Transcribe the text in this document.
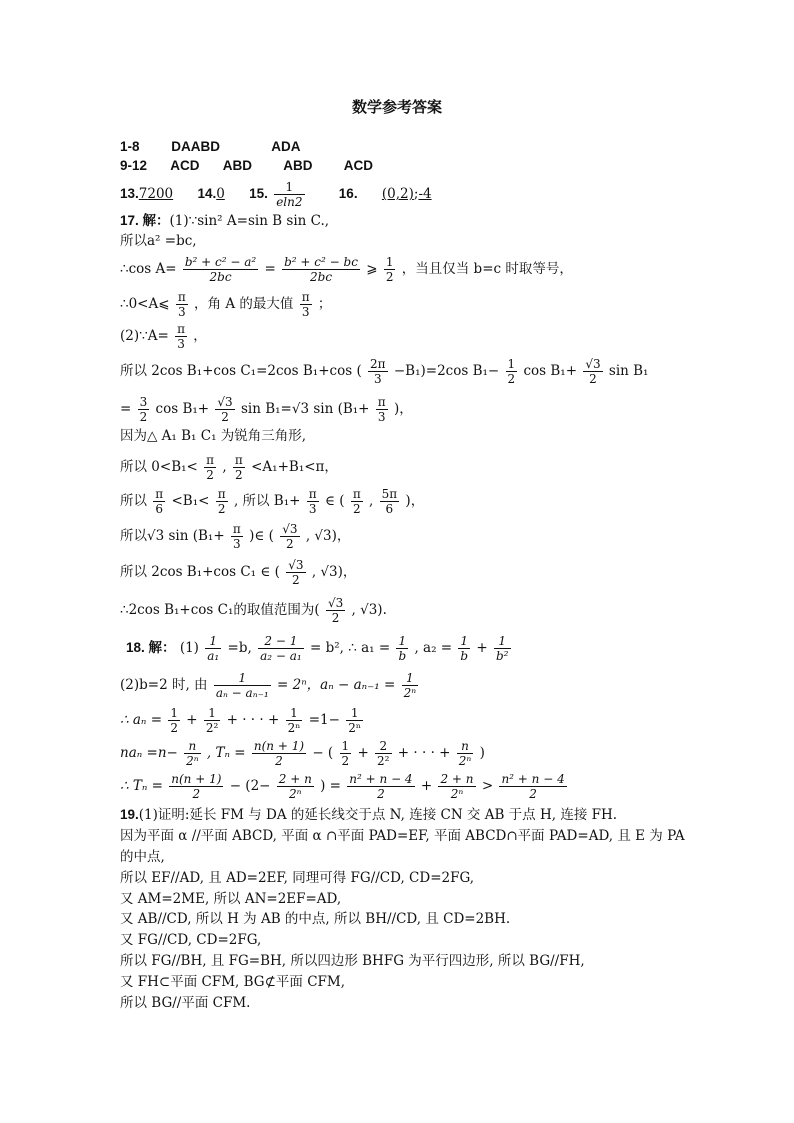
数学参考答案
1-8 DAABD	ADA
9-12 ACD ABD ABD ACD
13.7200 14.0 15. $\frac{1}{eln2}$	16. (0,2);-4
17. 解：(1)∵sin² A=sin B sin C.,
所以a² =bc,
∴cos $A= \frac{\text{b² + c² − a²}}{2bc} = \frac{\text{b² + c² − bc}}{2bc}$ ⩾ $\frac{1}{2}$ ，当且仅当 b=c 时取等号，
∴0<A⩽ $\frac{\pi}{3}$ ，角 A 的最大值 $\frac{\pi}{3}$ ；
(2)∵A= $\frac{\pi}{3}$ ，
所以 2cos B₁+cos C₁=2cos B₁+cos ( $\frac{2\pi}{3} -B_1)=2\cos$ $B_1- \frac{1}{2}$ $\cos B_1+ \frac{√3}{2}$ sin B₁
= $\frac{3}{2}$ $\cos B_1+ \frac{√3}{2}$ sin B₁=√3 $\sin (B_1+ \frac{\pi}{3}$ )，
因为△ A₁ B₁ C₁ 为锐角三角形,
所以 $0<B_1< \frac{\pi}{2}$ , $\frac{\pi}{2} <A_1+B_1<\pi$，
所以 $\frac{\pi}{6} <B_1< \frac{\pi}{2}$ , 所以 $B_1+ \frac{\pi}{3}$ ∈ ( $\frac{\pi}{2}$ , $\frac{5\pi}{6}$ )，
所以√3 $\sin (B_1+ \frac{\pi}{3}$ )∈ ( $\frac{√3}{2}$ , √3)，
所以 2cos B₁+cos C₁ ∈ ( $\frac{√3}{2}$ , √3)，
∴2cos B₁+cos C₁的取值范围为( $\frac{√3}{2}$ , √3).
18. 解： $(1) \frac{1}{\text{a₁}} =b$, $\frac{2 - 1}{\text{a₂ − a₁}} = b^2$, ∴ $a_1 = \frac{1}{b}$ , $a_2 = \frac{1}{b} + \frac{1}{\text{b²}}$
(2)b=2 时, 由 $\frac{1}{\text{aₙ − aₙ₋₁}} = 2^n$，$a_n - a_{n-1} = \frac{1}{\text{2ⁿ}}$
∴ $a_n = \frac{1}{2} + \frac{1}{\text{2²}}$ + · · · + $\frac{1}{\text{2ⁿ}} =1- \frac{1}{\text{2ⁿ}}$
$na_n =n- \frac{n}{\text{2ⁿ}}$ , $T_n = \frac{n(n + 1)}{2}$ − ( $\frac{1}{2} + \frac{2}{\text{2²}}$ + · · · + $\frac{n}{\text{2ⁿ}}$ )
∴ $T_n = \frac{n(n + 1)}{2} - (2- \frac{2 + n}{\text{2ⁿ}}$ ) = $\frac{\text{n² + n − 4}}{2} + \frac{2 + n}{\text{2ⁿ}} > \frac{\text{n² + n − 4}}{2}$
19.(1)证明:延长 FM 与 DA 的延长线交于点 N, 连接 CN 交 AB 于点 H, 连接 FH.
因为平面 α //平面 ABCD, 平面 α ∩平面 PAD=EF, 平面 ABCD∩平面 PAD=AD, 且 E 为 PA
的中点,
所以 EF//AD, 且 AD=2EF, 同理可得 FG//CD, CD=2FG,
又 AM=2ME, 所以 AN=2EF=AD,
又 AB//CD, 所以 H 为 AB 的中点, 所以 BH//CD, 且 CD=2BH.
又 FG//CD, CD=2FG,
所以 FG//BH, 且 FG=BH, 所以四边形 BHFG 为平行四边形, 所以 BG//FH,
又 FH⊂平面 CFM, BG⊄平面 CFM,
所以 BG//平面 CFM.
